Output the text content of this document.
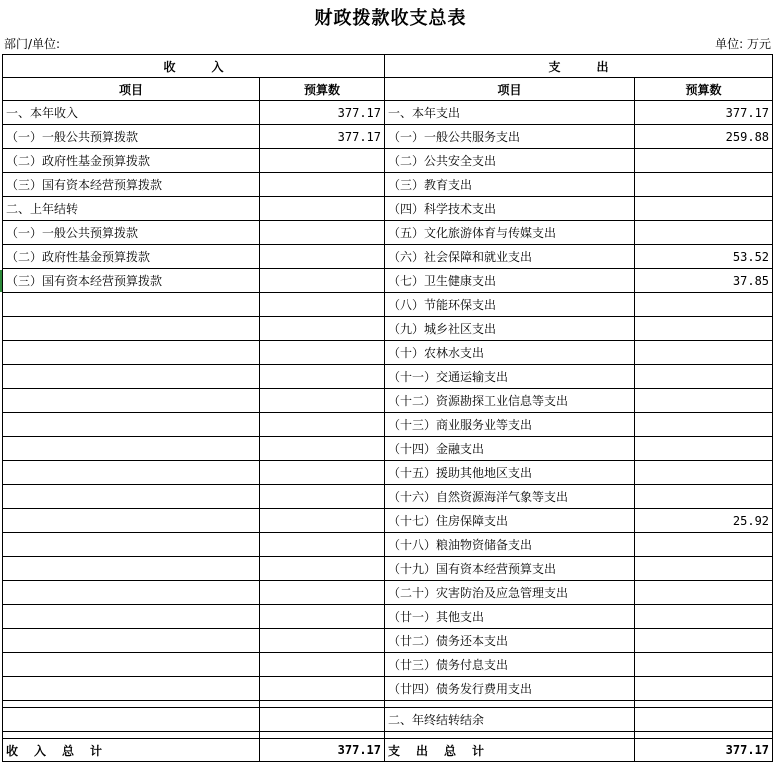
财政拨款收支总表
部门/单位:	单位: 万元
收　　　入		支　　　出	
项目	预算数	项目	预算数
一、本年收入	377.17	一、本年支出	377.17
（一）一般公共预算拨款	377.17	（一）一般公共服务支出	259.88
（二）政府性基金预算拨款		（二）公共安全支出	
（三）国有资本经营预算拨款		（三）教育支出	
二、上年结转		（四）科学技术支出	
（一）一般公共预算拨款		（五）文化旅游体育与传媒支出	
（二）政府性基金预算拨款		（六）社会保障和就业支出	53.52
（三）国有资本经营预算拨款		（七）卫生健康支出	37.85
		（八）节能环保支出	
		（九）城乡社区支出	
		（十）农林水支出	
		（十一）交通运输支出	
		（十二）资源勘探工业信息等支出	
		（十三）商业服务业等支出	
		（十四）金融支出	
		（十五）援助其他地区支出	
		（十六）自然资源海洋气象等支出	
		（十七）住房保障支出	25.92
		（十八）粮油物资储备支出	
		（十九）国有资本经营预算支出	
		（二十）灾害防治及应急管理支出	
		（廿一）其他支出	
		（廿二）债务还本支出	
		（廿三）债务付息支出	
		（廿四）债务发行费用支出	

		二、年终结转结余	

收　入　总　计	377.17	支　出　总　计	377.17
